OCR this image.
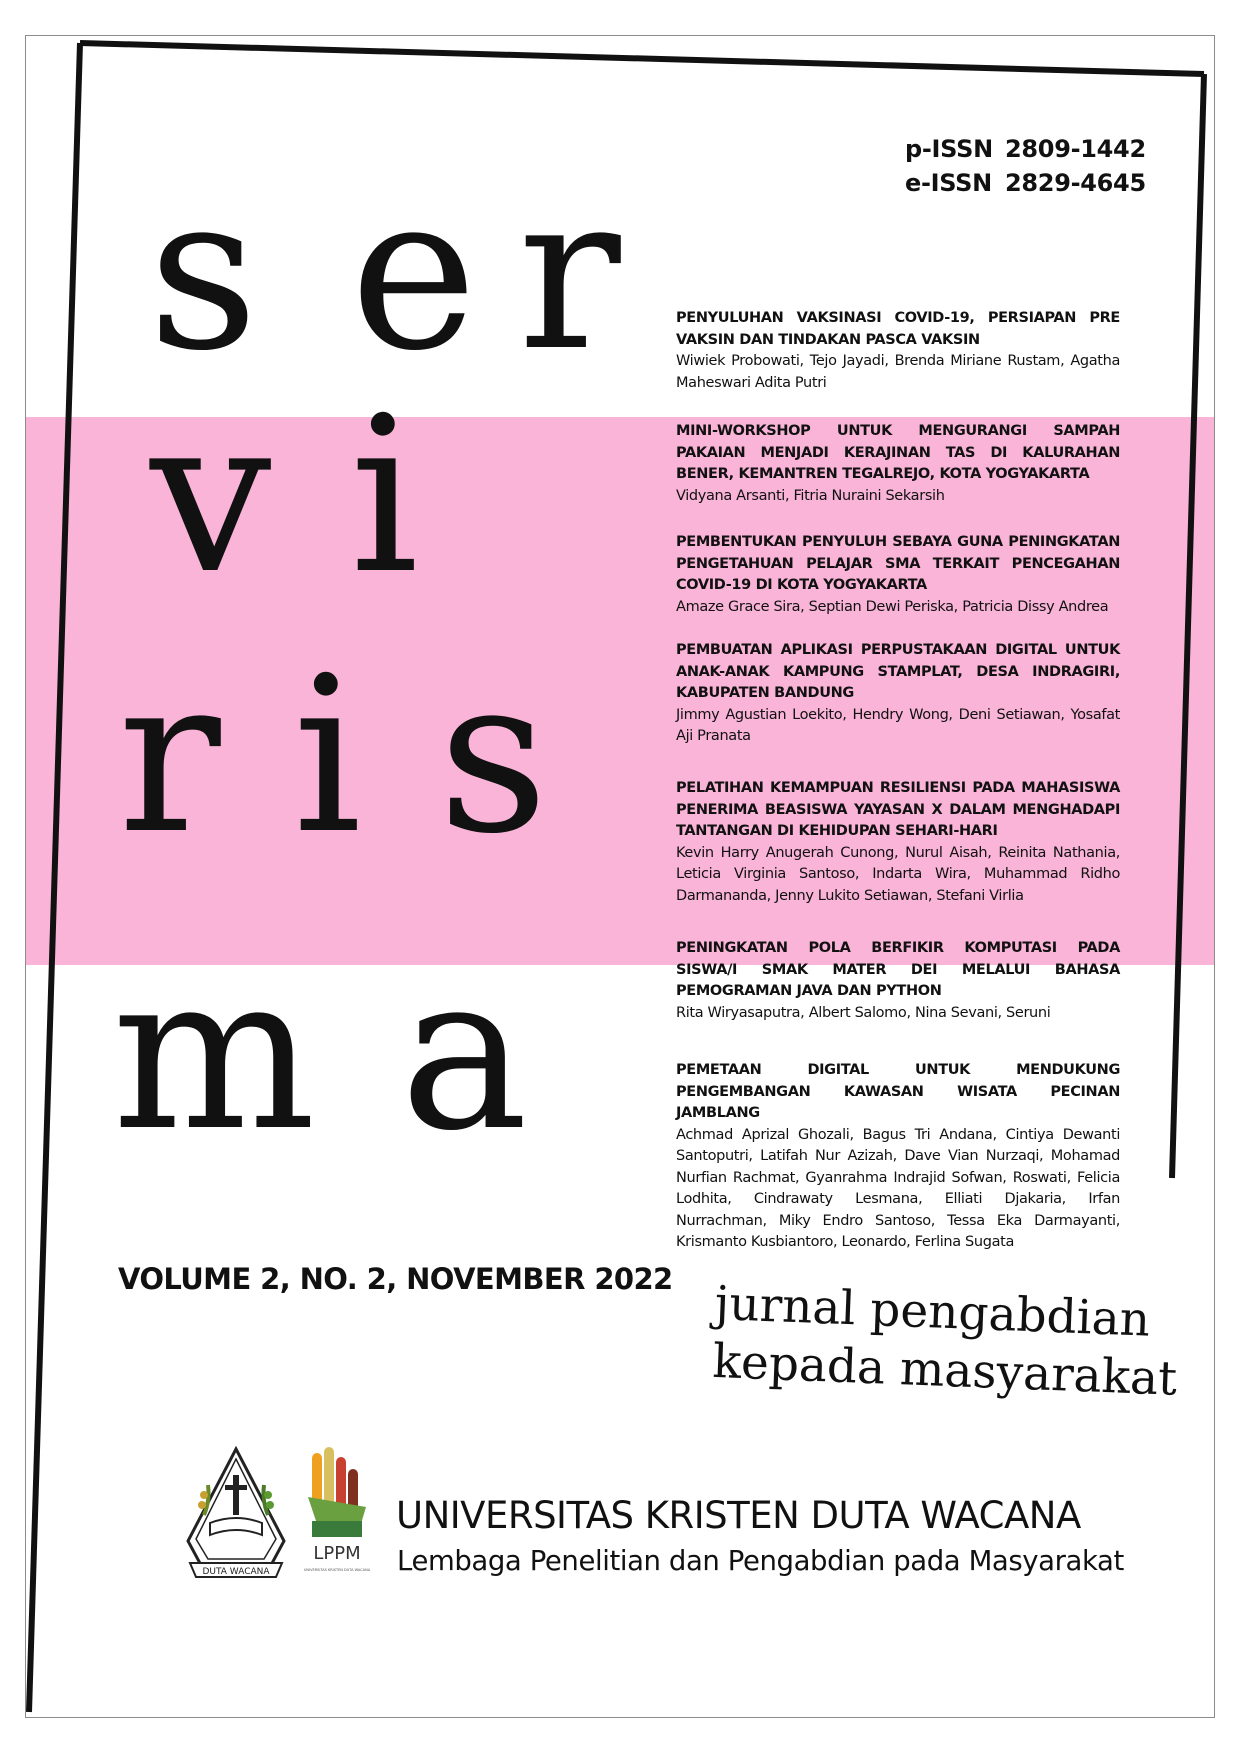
p-ISSN 2809-1442
e-ISSN 2829-4645
s e r
v i
r i s
m a
PENYULUHAN VAKSINASI COVID-19, PERSIAPAN PRE VAKSIN DAN TINDAKAN PASCA VAKSIN
Wiwiek Probowati, Tejo Jayadi, Brenda Miriane Rustam, Agatha Maheswari Adita Putri
MINI-WORKSHOP UNTUK MENGURANGI SAMPAH PAKAIAN MENJADI KERAJINAN TAS DI KALURAHAN BENER, KEMANTREN TEGALREJO, KOTA YOGYAKARTA
Vidyana Arsanti, Fitria Nuraini Sekarsih
PEMBENTUKAN PENYULUH SEBAYA GUNA PENINGKATAN PENGETAHUAN PELAJAR SMA TERKAIT PENCEGAHAN COVID-19 DI KOTA YOGYAKARTA
Amaze Grace Sira, Septian Dewi Periska, Patricia Dissy Andrea
PEMBUATAN APLIKASI PERPUSTAKAAN DIGITAL UNTUK ANAK-ANAK KAMPUNG STAMPLAT, DESA INDRAGIRI, KABUPATEN BANDUNG
Jimmy Agustian Loekito, Hendry Wong, Deni Setiawan, Yosafat Aji Pranata
PELATIHAN KEMAMPUAN RESILIENSI PADA MAHASISWA PENERIMA BEASISWA YAYASAN X DALAM MENGHADAPI TANTANGAN DI KEHIDUPAN SEHARI-HARI
Kevin Harry Anugerah Cunong, Nurul Aisah, Reinita Nathania, Leticia Virginia Santoso, Indarta Wira, Muhammad Ridho Darmananda, Jenny Lukito Setiawan, Stefani Virlia
PENINGKATAN POLA BERFIKIR KOMPUTASI PADA SISWA/I SMAK MATER DEI MELALUI BAHASA PEMOGRAMAN JAVA DAN PYTHON
Rita Wiryasaputra, Albert Salomo, Nina Sevani, Seruni
PEMETAAN DIGITAL UNTUK MENDUKUNG PENGEMBANGAN KAWASAN WISATA PECINAN JAMBLANG
Achmad Aprizal Ghozali, Bagus Tri Andana, Cintiya Dewanti Santoputri, Latifah Nur Azizah, Dave Vian Nurzaqi, Mohamad Nurfian Rachmat, Gyanrahma Indrajid Sofwan, Roswati, Felicia Lodhita, Cindrawaty Lesmana, Elliati Djakaria, Irfan Nurrachman, Miky Endro Santoso, Tessa Eka Darmayanti, Krismanto Kusbiantoro, Leonardo, Ferlina Sugata
VOLUME 2, NO. 2, NOVEMBER 2022 jurnal pengabdian
kepada masyarakat
DUTA WACANA
LPPM
UNIVERSITAS KRISTEN DUTA WACANA
UNIVERSITAS KRISTEN DUTA WACANA
Lembaga Penelitian dan Pengabdian pada Masyarakat
